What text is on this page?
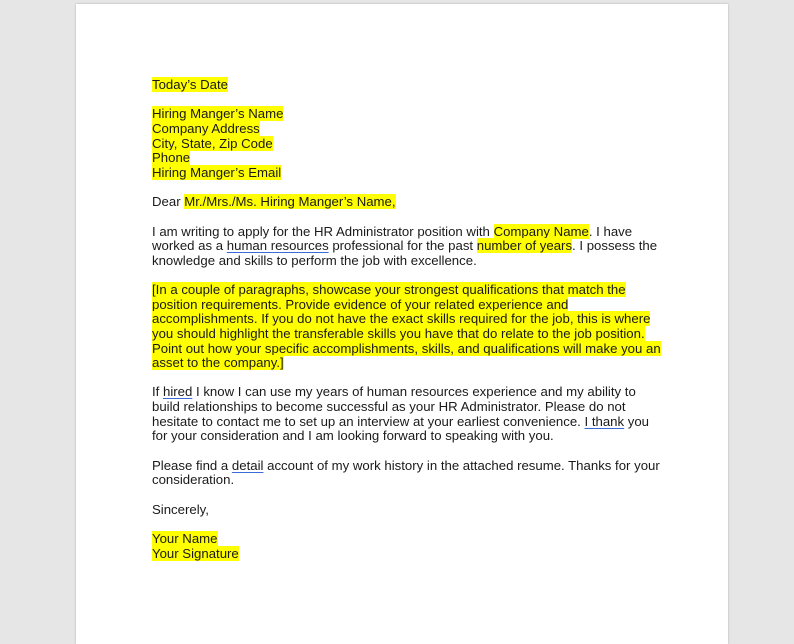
Today’s Date
Hiring Manger’s Name
Company Address
City, State, Zip Code
Phone
Hiring Manger’s Email
Dear Mr./Mrs./Ms. Hiring Manger’s Name,
I am writing to apply for the HR Administrator position with Company Name. I have
worked as a human resources professional for the past number of years. I possess the
knowledge and skills to perform the job with excellence.
[In a couple of paragraphs, showcase your strongest qualifications that match the
position requirements. Provide evidence of your related experience and
accomplishments. If you do not have the exact skills required for the job, this is where
you should highlight the transferable skills you have that do relate to the job position.
Point out how your specific accomplishments, skills, and qualifications will make you an
asset to the company.]
If hired I know I can use my years of human resources experience and my ability to
build relationships to become successful as your HR Administrator. Please do not
hesitate to contact me to set up an interview at your earliest convenience. I thank you
for your consideration and I am looking forward to speaking with you.
Please find a detail account of my work history in the attached resume. Thanks for your
consideration.
Sincerely,
Your Name
Your Signature
